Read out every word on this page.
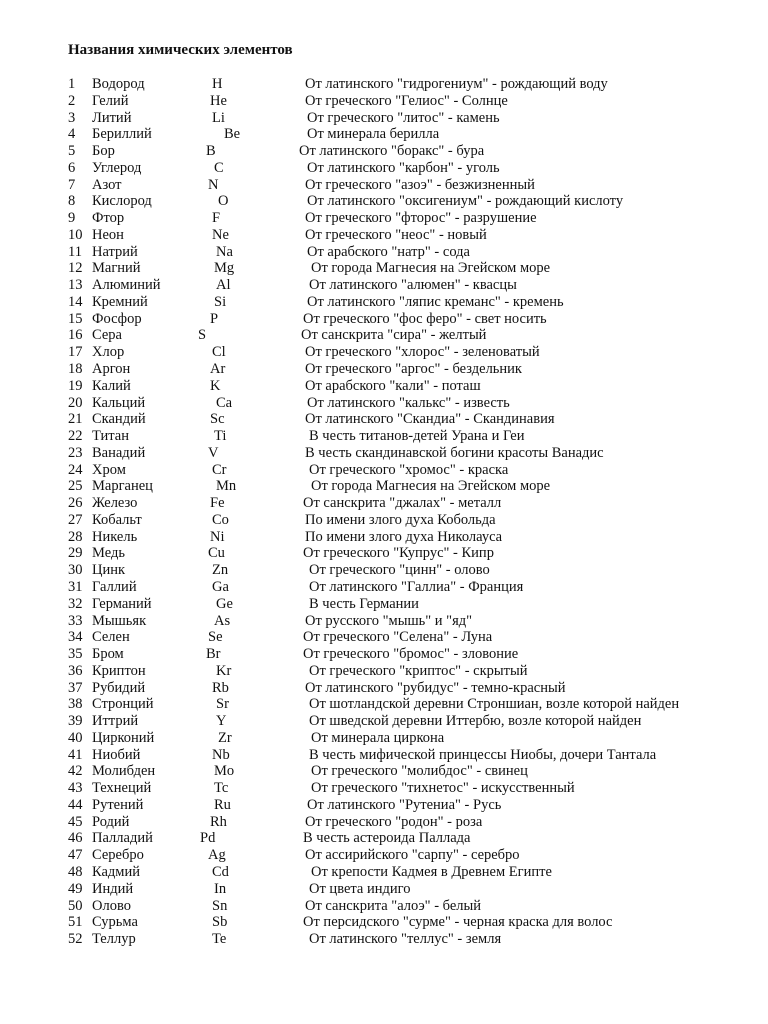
Названия химических элементов
1 Водород	H	От латинского "гидрогениум" - рождающий воду
2 Гелий	He	От греческого "Гелиос" - Солнце
3 Литий	Li	От греческого "литос" - камень
4 Бериллий	Be	От минерала берилла
5 Бор	B	От латинского "боракс" - бура
6 Углерод	C	От латинского "карбон" - уголь
7 Азот	N	От греческого "азоэ" - безжизненный
8 Кислород	O	От латинского "оксигениум" - рождающий кислоту
9 Фтор	F	От греческого "фторос" - разрушение
10 Неон	Ne	От греческого "неос" - новый
11 Натрий	Na	От арабского "натр" - сода
12 Магний	Mg	От города Магнесия на Эгейском море
13 Алюминий	Al	От латинского "алюмен" - квасцы
14 Кремний	Si	От латинского "ляпис креманс" - кремень
15 Фосфор	P	От греческого "фос феро" - свет носить
16 Сера	S	От санскрита "сира" - желтый
17 Хлор	Cl	От греческого "хлорос" - зеленоватый
18 Аргон	Ar	От греческого "аргос" - бездельник
19 Калий	K	От арабского "кали" - поташ
20 Кальций	Ca	От латинского "калькс" - известь
21 Скандий	Sc	От латинского "Скандиа" - Скандинавия
22 Титан	Ti	В честь титанов-детей Урана и Геи
23 Ванадий	V	В честь скандинавской богини красоты Ванадис
24 Хром	Cr	От греческого "хромос" - краска
25 Марганец	Mn	От города Магнесия на Эгейском море
26 Железо	Fe	От санскрита "джалах" - металл
27 Кобальт	Co	По имени злого духа Кобольда
28 Никель	Ni	По имени злого духа Николауса
29 Медь	Cu	От греческого "Купрус" - Кипр
30 Цинк	Zn	От греческого "цинн" - олово
31 Галлий	Ga	От латинского "Галлиа" - Франция
32 Германий	Ge	В честь Германии
33 Мышьяк	As	От русского "мышь" и "яд"
34 Селен	Se	От греческого "Селена" - Луна
35 Бром	Br	От греческого "бромос" - зловоние
36 Криптон	Kr	От греческого "криптос" - скрытый
37 Рубидий	Rb	От латинского "рубидус" - темно-красный
38 Стронций	Sr	От шотландской деревни Строншиан, возле которой найден
39 Иттрий	Y	От шведской деревни Иттербю, возле которой найден
40 Цирконий	Zr	От минерала циркона
41 Ниобий	Nb	В честь мифической принцессы Ниобы, дочери Тантала
42 Молибден	Mo	От греческого "молибдос" - свинец
43 Технеций	Tc	От греческого "тихнетос" - искусственный
44 Рутений	Ru	От латинского "Рутениа" - Русь
45 Родий	Rh	От греческого "родон" - роза
46 Палладий	Pd	В честь астероида Паллада
47 Серебро	Ag	От ассирийского "сарпу" - серебро
48 Кадмий	Cd	От крепости Кадмея в Древнем Египте
49 Индий	In	От цвета индиго
50 Олово	Sn	От санскрита "алоэ" - белый
51 Сурьма	Sb	От персидского "сурме" - черная краска для волос
52 Теллур	Te	От латинского "теллус" - земля
